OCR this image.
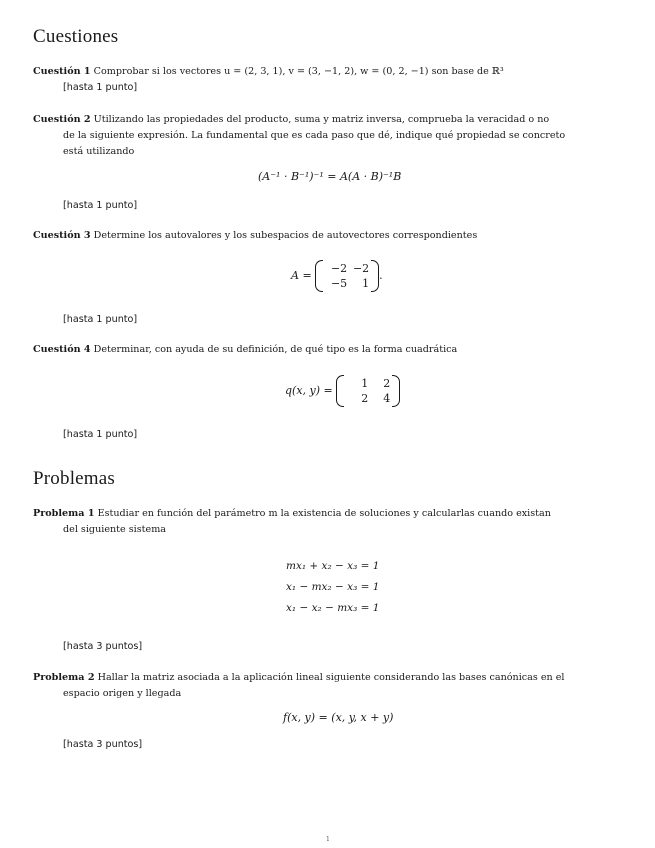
Cuestiones
Cuestión 1 Comprobar si los vectores u = (2, 3, 1), v = (3, −1, 2), w = (0, 2, −1) son base de ℝ³
[hasta 1 punto]
Cuestión 2 Utilizando las propiedades del producto, suma y matriz inversa, comprueba la veracidad o no
de la siguiente expresión. La fundamental que es cada paso que dé, indique qué propiedad se concreto
está utilizando
(A⁻¹ · B⁻¹)⁻¹ = A(A · B)⁻¹B
[hasta 1 punto]
Cuestión 3 Determine los autovalores y los subespacios de autovectores correspondientes
A =
−2 −2
−5	1
.
[hasta 1 punto]
Cuestión 4 Determinar, con ayuda de su definición, de qué tipo es la forma cuadrática
q(x, y) =
1	2
2	4
[hasta 1 punto]
Problemas
Problema 1 Estudiar en función del parámetro m la existencia de soluciones y calcularlas cuando existan
del siguiente sistema
mx₁ + x₂ − x₃ = 1
x₁ − mx₂ − x₃ = 1
x₁ − x₂ − mx₃ = 1
[hasta 3 puntos]
Problema 2 Hallar la matriz asociada a la aplicación lineal siguiente considerando las bases canónicas en el
espacio origen y llegada
f(x, y) = (x, y, x + y)
[hasta 3 puntos]
1
